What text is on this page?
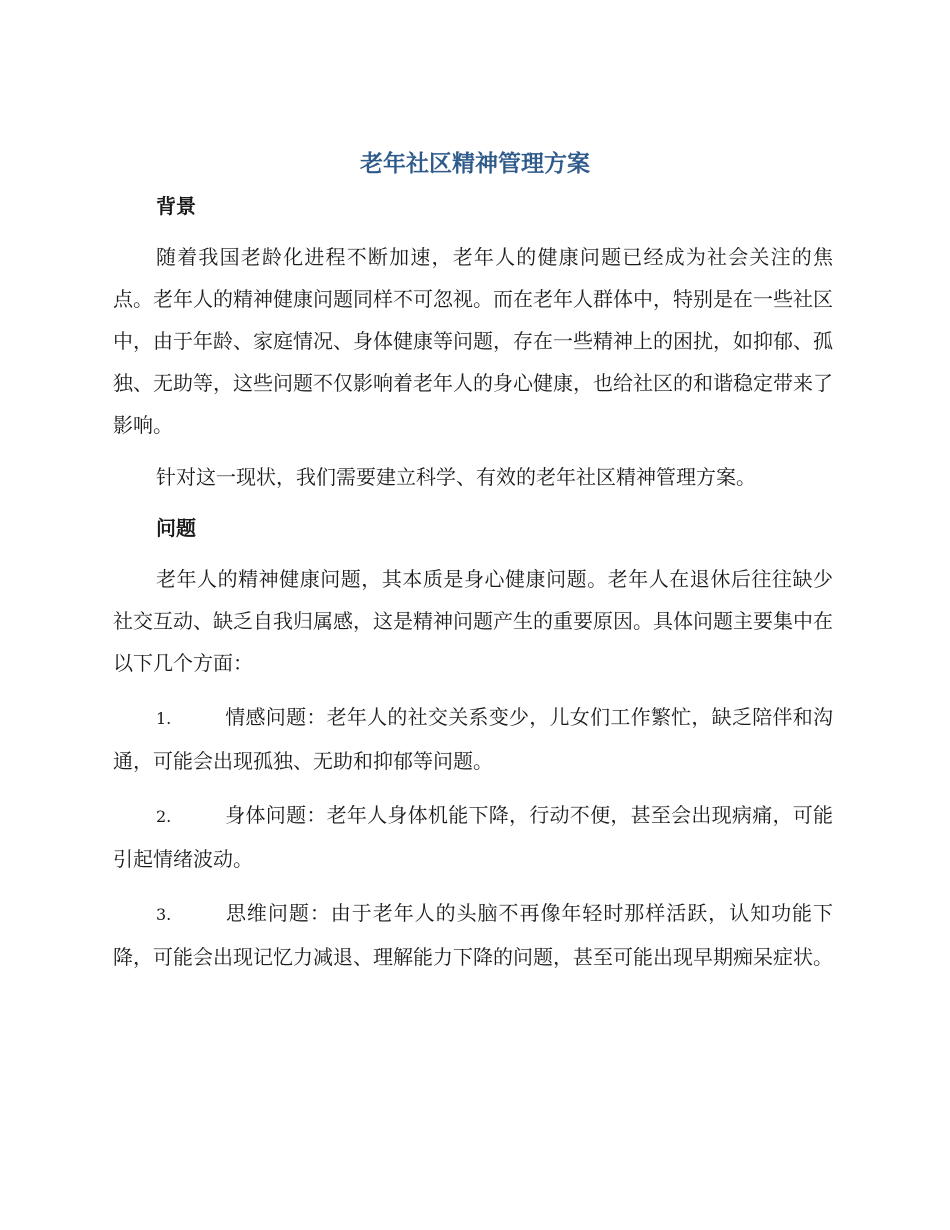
老年社区精神管理方案
背景

随着我国老龄化进程不断加速，老年人的健康问题已经成为社会关注的焦点。老年人的精神健康问题同样不可忽视。而在老年人群体中，特别是在一些社区中，由于年龄、家庭情况、身体健康等问题，存在一些精神上的困扰，如抑郁、孤独、无助等，这些问题不仅影响着老年人的身心健康，也给社区的和谐稳定带来了影响。

针对这一现状，我们需要建立科学、有效的老年社区精神管理方案。

问题

老年人的精神健康问题，其本质是身心健康问题。老年人在退休后往往缺少社交互动、缺乏自我归属感，这是精神问题产生的重要原因。具体问题主要集中在以下几个方面：

1.	情感问题：老年人的社交关系变少，儿女们工作繁忙，缺乏陪伴和沟通，可能会出现孤独、无助和抑郁等问题。

2.	身体问题：老年人身体机能下降，行动不便，甚至会出现病痛，可能引起情绪波动。

3.	思维问题：由于老年人的头脑不再像年轻时那样活跃，认知功能下降，可能会出现记忆力减退、理解能力下降的问题，甚至可能出现早期痴呆症状。
